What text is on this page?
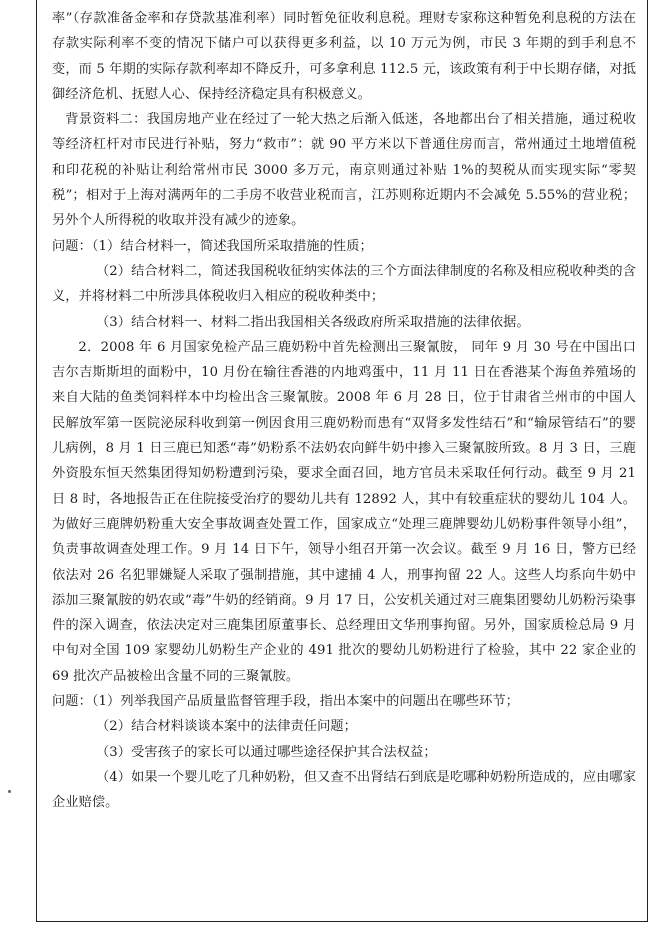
率”（存款准备金率和存贷款基准利率）同时暂免征收利息税。理财专家称这种暂免利息税的方法在存款实际利率不变的情况下储户可以获得更多利益，以 10 万元为例，市民 3 年期的到手利息不变，而 5 年期的实际存款利率却不降反升，可多拿利息 112.5 元，该政策有利于中长期存储，对抵御经济危机、抚慰人心、保持经济稳定具有积极意义。

背景资料二：我国房地产业在经过了一轮大热之后渐入低迷，各地都出台了相关措施，通过税收等经济杠杆对市民进行补贴，努力“救市”：就 90 平方米以下普通住房而言，常州通过土地增值税和印花税的补贴让利给常州市民 3000 多万元，南京则通过补贴 1%的契税从而实现实际“零契税”；相对于上海对满两年的二手房不收营业税而言，江苏则称近期内不会减免 5.55%的营业税；另外个人所得税的收取并没有减少的迹象。

问题：（1）结合材料一，简述我国所采取措施的性质；

（2）结合材料二，简述我国税收征纳实体法的三个方面法律制度的名称及相应税收种类的含义，并将材料二中所涉具体税收归入相应的税收种类中；

（3）结合材料一、材料二指出我国相关各级政府所采取措施的法律依据。

2．2008 年 6 月国家免检产品三鹿奶粉中首先检测出三聚氰胺， 同年 9 月 30 号在中国出口吉尔吉斯斯坦的面粉中，10 月份在输往香港的内地鸡蛋中，11 月 11 日在香港某个海鱼养殖场的来自大陆的鱼类饲料样本中均检出含三聚氰胺。2008 年 6 月 28 日，位于甘肃省兰州市的中国人民解放军第一医院泌尿科收到第一例因食用三鹿奶粉而患有“双肾多发性结石”和“输尿管结石”的婴儿病例，8 月 1 日三鹿已知悉“毒”奶粉系不法奶农向鲜牛奶中掺入三聚氰胺所致。8 月 3 日，三鹿外资股东恒天然集团得知奶粉遭到污染，要求全面召回，地方官员未采取任何行动。截至 9 月 21 日 8 时，各地报告正在住院接受治疗的婴幼儿共有 12892 人，其中有较重症状的婴幼儿 104 人。为做好三鹿牌奶粉重大安全事故调查处置工作，国家成立“处理三鹿牌婴幼儿奶粉事件领导小组”，负责事故调查处理工作。9 月 14 日下午，领导小组召开第一次会议。截至 9 月 16 日，警方已经依法对 26 名犯罪嫌疑人采取了强制措施，其中逮捕 4 人，刑事拘留 22 人。这些人均系向牛奶中添加三聚氰胺的奶农或“毒”牛奶的经销商。9 月 17 日，公安机关通过对三鹿集团婴幼儿奶粉污染事件的深入调查，依法决定对三鹿集团原董事长、总经理田文华刑事拘留。另外，国家质检总局 9 月中旬对全国 109 家婴幼儿奶粉生产企业的 491 批次的婴幼儿奶粉进行了检验，其中 22 家企业的 69 批次产品被检出含量不同的三聚氰胺。

问题：（1）列举我国产品质量监督管理手段，指出本案中的问题出在哪些环节；

（2）结合材料谈谈本案中的法律责任问题；

（3）受害孩子的家长可以通过哪些途径保护其合法权益；

（4）如果一个婴儿吃了几种奶粉，但又查不出肾结石到底是吃哪种奶粉所造成的，应由哪家企业赔偿。
